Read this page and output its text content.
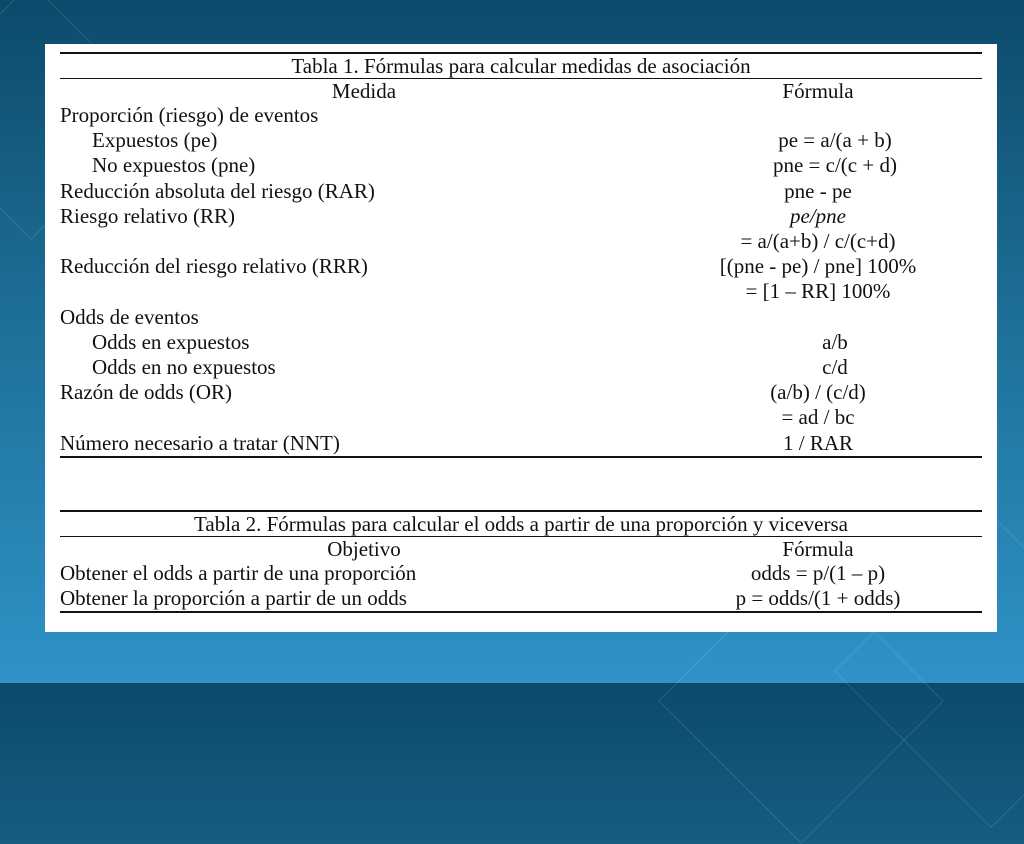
Tabla 1. Fórmulas para calcular medidas de asociación
Medida	Fórmula
Proporción (riesgo) de eventos
Expuestos (pe)	pe = a/(a + b)
No expuestos (pne)	pne = c/(c + d)
Reducción absoluta del riesgo (RAR)	pne - pe
Riesgo relativo (RR)	pe/pne
= a/(a+b) / c/(c+d)
Reducción del riesgo relativo (RRR)	[(pne - pe) / pne] 100%
= [1 – RR] 100%
Odds de eventos
Odds en expuestos	a/b
Odds en no expuestos	c/d
Razón de odds (OR)	(a/b) / (c/d)
= ad / bc
Número necesario a tratar (NNT)	1 / RAR
Tabla 2. Fórmulas para calcular el odds a partir de una proporción y viceversa
Objetivo	Fórmula
Obtener el odds a partir de una proporción	odds = p/(1 – p)
Obtener la proporción a partir de un odds	p = odds/(1 + odds)
